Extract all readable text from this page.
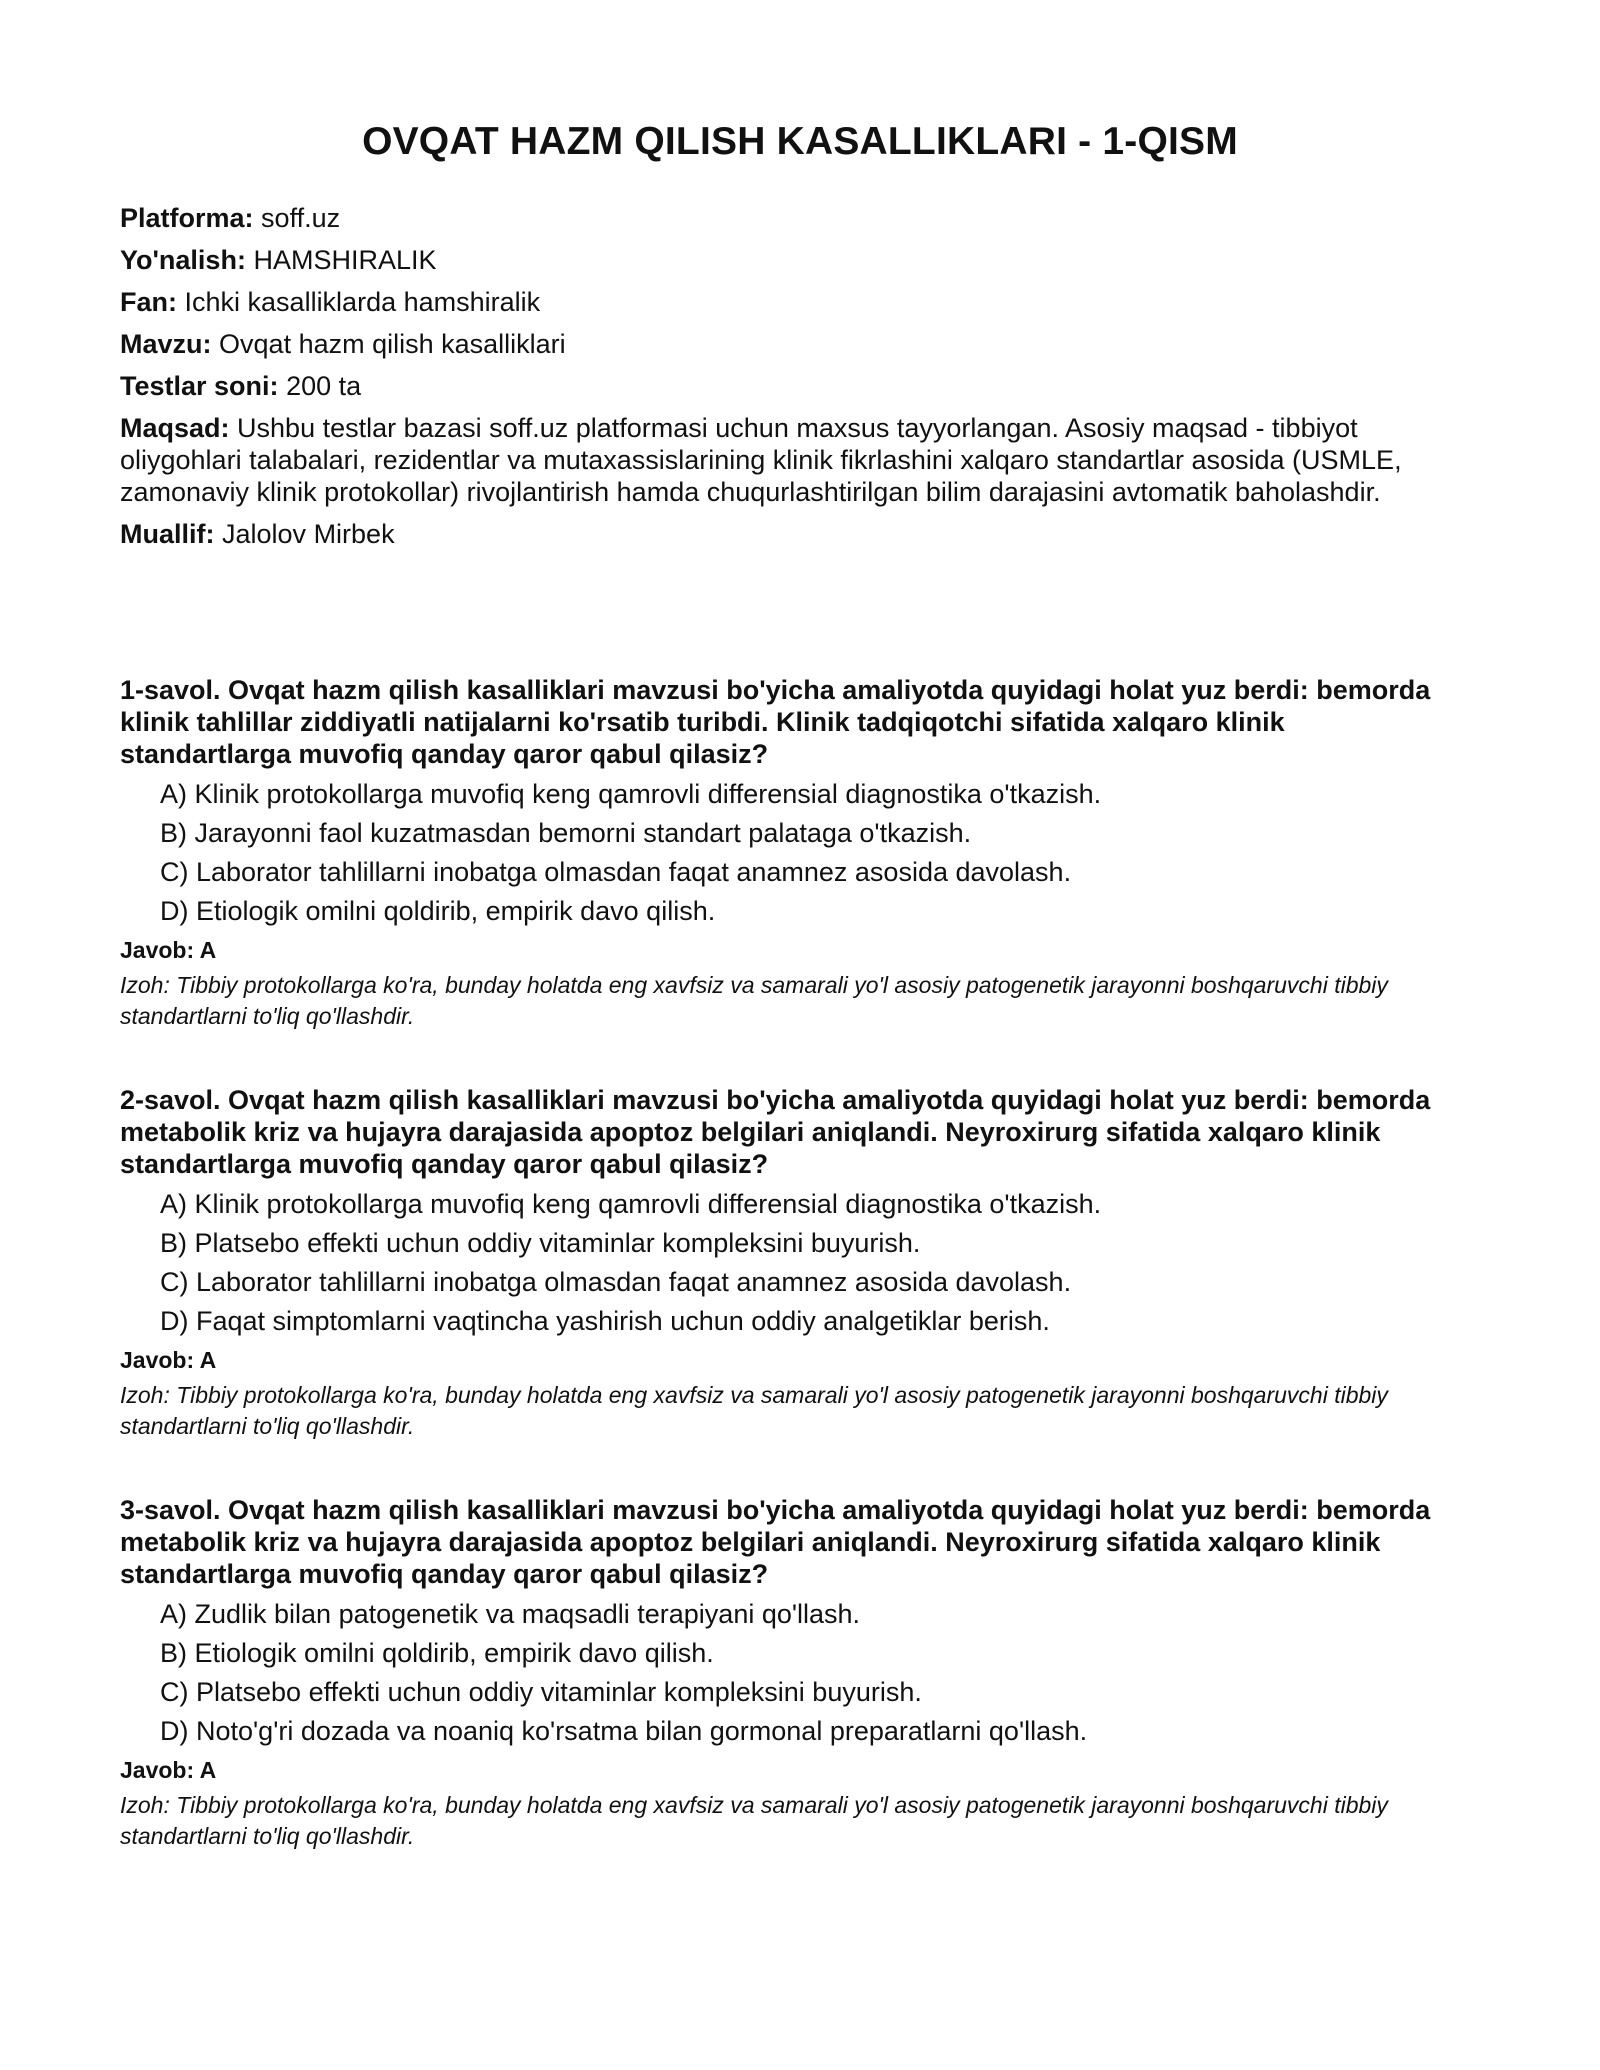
OVQAT HAZM QILISH KASALLIKLARI - 1-QISM

Platforma: soff.uz

Yo'nalish: HAMSHIRALIK

Fan: Ichki kasalliklarda hamshiralik

Mavzu: Ovqat hazm qilish kasalliklari

Testlar soni: 200 ta

Maqsad: Ushbu testlar bazasi soff.uz platformasi uchun maxsus tayyorlangan. Asosiy maqsad - tibbiyot oliygohlari talabalari, rezidentlar va mutaxassislarining klinik fikrlashini xalqaro standartlar asosida (USMLE, zamonaviy klinik protokollar) rivojlantirish hamda chuqurlashtirilgan bilim darajasini avtomatik baholashdir.

Muallif: Jalolov Mirbek

1-savol. Ovqat hazm qilish kasalliklari mavzusi bo'yicha amaliyotda quyidagi holat yuz berdi: bemorda klinik tahlillar ziddiyatli natijalarni ko'rsatib turibdi. Klinik tadqiqotchi sifatida xalqaro klinik standartlarga muvofiq qanday qaror qabul qilasiz?

A) Klinik protokollarga muvofiq keng qamrovli differensial diagnostika o'tkazish.
B) Jarayonni faol kuzatmasdan bemorni standart palataga o'tkazish.
C) Laborator tahlillarni inobatga olmasdan faqat anamnez asosida davolash.
D) Etiologik omilni qoldirib, empirik davo qilish.

Javob: A

Izoh: Tibbiy protokollarga ko'ra, bunday holatda eng xavfsiz va samarali yo'l asosiy patogenetik jarayonni boshqaruvchi tibbiy standartlarni to'liq qo'llashdir.

2-savol. Ovqat hazm qilish kasalliklari mavzusi bo'yicha amaliyotda quyidagi holat yuz berdi: bemorda metabolik kriz va hujayra darajasida apoptoz belgilari aniqlandi. Neyroxirurg sifatida xalqaro klinik standartlarga muvofiq qanday qaror qabul qilasiz?

A) Klinik protokollarga muvofiq keng qamrovli differensial diagnostika o'tkazish.
B) Platsebo effekti uchun oddiy vitaminlar kompleksini buyurish.
C) Laborator tahlillarni inobatga olmasdan faqat anamnez asosida davolash.
D) Faqat simptomlarni vaqtincha yashirish uchun oddiy analgetiklar berish.

Javob: A

Izoh: Tibbiy protokollarga ko'ra, bunday holatda eng xavfsiz va samarali yo'l asosiy patogenetik jarayonni boshqaruvchi tibbiy standartlarni to'liq qo'llashdir.

3-savol. Ovqat hazm qilish kasalliklari mavzusi bo'yicha amaliyotda quyidagi holat yuz berdi: bemorda metabolik kriz va hujayra darajasida apoptoz belgilari aniqlandi. Neyroxirurg sifatida xalqaro klinik standartlarga muvofiq qanday qaror qabul qilasiz?

A) Zudlik bilan patogenetik va maqsadli terapiyani qo'llash.
B) Etiologik omilni qoldirib, empirik davo qilish.
C) Platsebo effekti uchun oddiy vitaminlar kompleksini buyurish.
D) Noto'g'ri dozada va noaniq ko'rsatma bilan gormonal preparatlarni qo'llash.

Javob: A

Izoh: Tibbiy protokollarga ko'ra, bunday holatda eng xavfsiz va samarali yo'l asosiy patogenetik jarayonni boshqaruvchi tibbiy standartlarni to'liq qo'llashdir.
